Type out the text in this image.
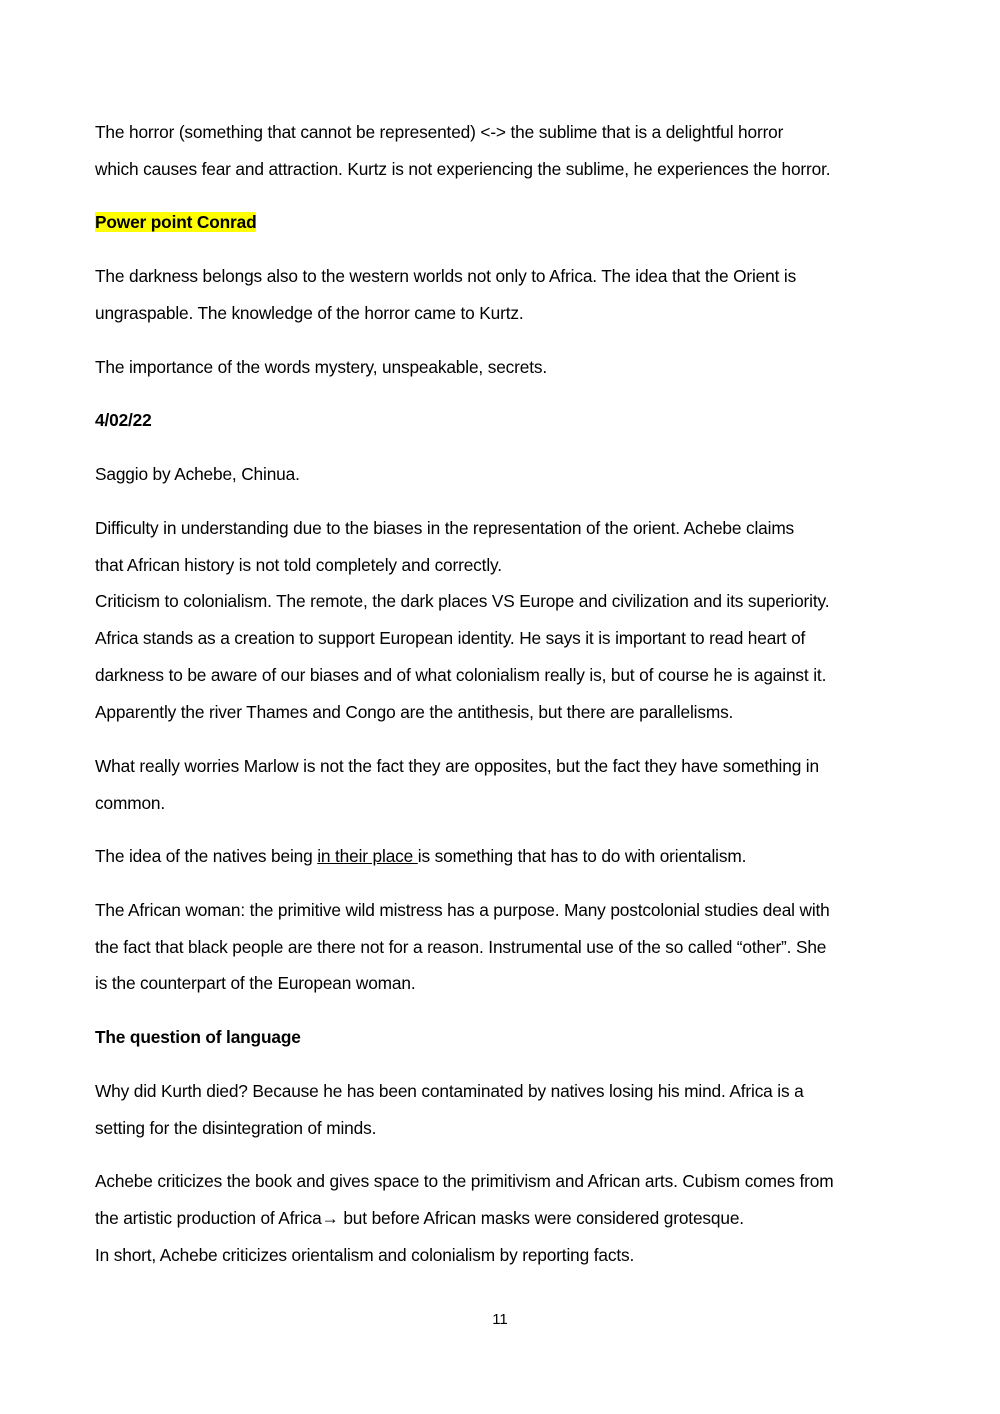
The horror (something that cannot be represented) <-> the sublime that is a delightful horror
which causes fear and attraction. Kurtz is not experiencing the sublime, he experiences the horror.
Power point Conrad
The darkness belongs also to the western worlds not only to Africa. The idea that the Orient is
ungraspable. The knowledge of the horror came to Kurtz.
The importance of the words mystery, unspeakable, secrets.
4/02/22
Saggio by Achebe, Chinua.
Difficulty in understanding due to the biases in the representation of the orient. Achebe claims
that African history is not told completely and correctly.
Criticism to colonialism. The remote, the dark places VS Europe and civilization and its superiority.
Africa stands as a creation to support European identity. He says it is important to read heart of
darkness to be aware of our biases and of what colonialism really is, but of course he is against it.
Apparently the river Thames and Congo are the antithesis, but there are parallelisms.
What really worries Marlow is not the fact they are opposites, but the fact they have something in
common.
The idea of the natives being in their place is something that has to do with orientalism.
The African woman: the primitive wild mistress has a purpose. Many postcolonial studies deal with
the fact that black people are there not for a reason. Instrumental use of the so called “other”. She
is the counterpart of the European woman.
The question of language
Why did Kurth died? Because he has been contaminated by natives losing his mind. Africa is a
setting for the disintegration of minds.
Achebe criticizes the book and gives space to the primitivism and African arts. Cubism comes from
the artistic production of Africa→ but before African masks were considered grotesque.
In short, Achebe criticizes orientalism and colonialism by reporting facts.
11
